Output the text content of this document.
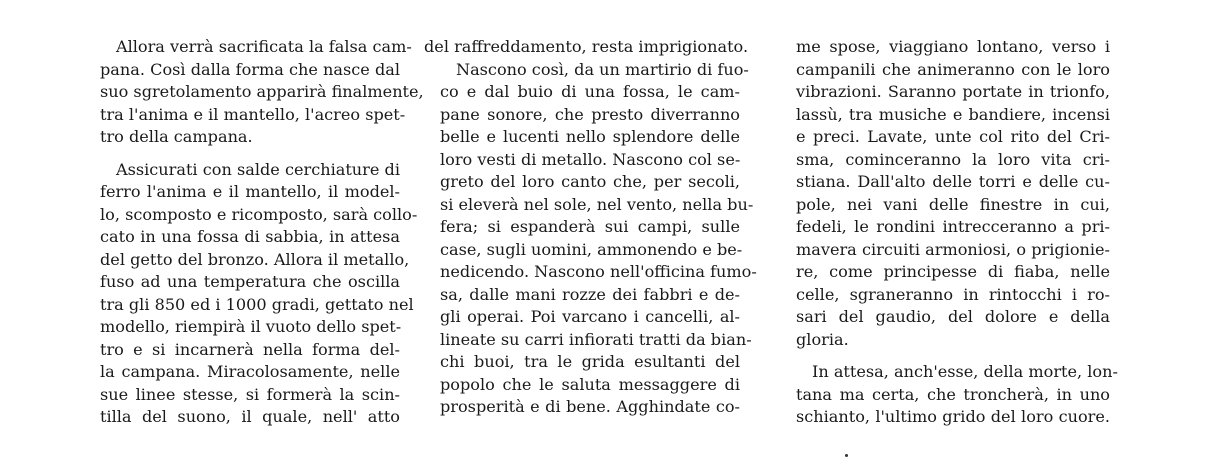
Allora verrà sacrificata la falsa cam-
pana. Così dalla forma che nasce dal
suo sgretolamento apparirà finalmente,
tra l'anima e il mantello, l'acreo spet-
tro della campana.
Assicurati con salde cerchiature di
ferro l'anima e il mantello, il model-
lo, scomposto e ricomposto, sarà collo-
cato in una fossa di sabbia, in attesa
del getto del bronzo. Allora il metallo,
fuso ad una temperatura che oscilla
tra gli 850 ed i 1000 gradi, gettato nel
modello, riempirà il vuoto dello spet-
tro e si incarnerà nella forma del-
la campana. Miracolosamente, nelle
sue linee stesse, si formerà la scin-
tilla del suono, il quale, nell' atto
del raffreddamento, resta imprigionato.
Nascono così, da un martirio di fuo-
co e dal buio di una fossa, le cam-
pane sonore, che presto diverranno
belle e lucenti nello splendore delle
loro vesti di metallo. Nascono col se-
greto del loro canto che, per secoli,
si eleverà nel sole, nel vento, nella bu-
fera; si espanderà sui campi, sulle
case, sugli uomini, ammonendo e be-
nedicendo. Nascono nell'officina fumo-
sa, dalle mani rozze dei fabbri e de-
gli operai. Poi varcano i cancelli, al-
lineate su carri infiorati tratti da bian-
chi buoi, tra le grida esultanti del
popolo che le saluta messaggere di
prosperità e di bene. Agghindate co-
me spose, viaggiano lontano, verso i
campanili che animeranno con le loro
vibrazioni. Saranno portate in trionfo,
lassù, tra musiche e bandiere, incensi
e preci. Lavate, unte col rito del Cri-
sma, cominceranno la loro vita cri-
stiana. Dall'alto delle torri e delle cu-
pole, nei vani delle finestre in cui,
fedeli, le rondini intrecceranno a pri-
mavera circuiti armoniosi, o prigionie-
re, come principesse di fiaba, nelle
celle, sgraneranno in rintocchi i ro-
sari del gaudio, del dolore e della
gloria.
In attesa, anch'esse, della morte, lon-
tana ma certa, che troncherà, in uno
schianto, l'ultimo grido del loro cuore.
